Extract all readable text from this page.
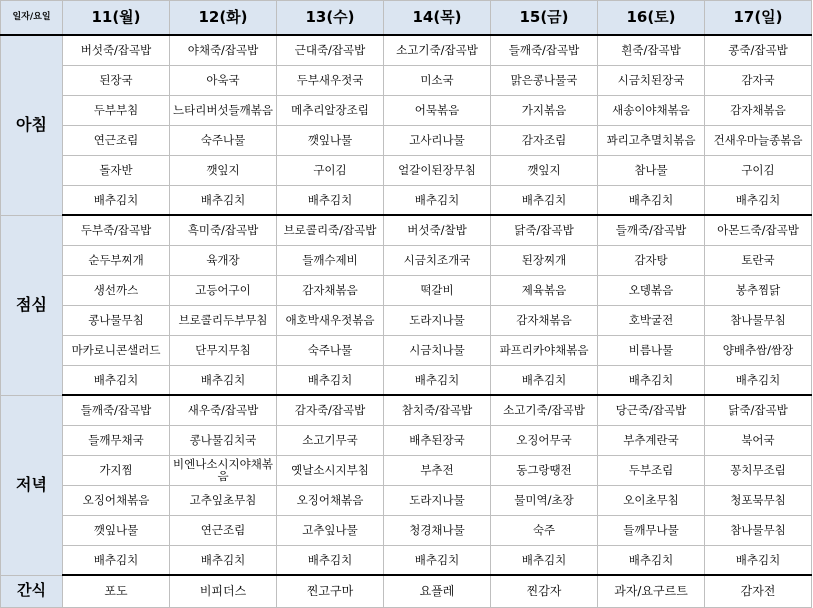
일자/요일	11(월)	12(화)	13(수)	14(목)	15(금)	16(토)	17(일)
아침	버섯죽/잡곡밥	야채죽/잡곡밥	근대죽/잡곡밥	소고기죽/잡곡밥	들깨죽/잡곡밥	흰죽/잡곡밥	콩죽/잡곡밥
	된장국	아욱국	두부새우젓국	미소국	맑은콩나물국	시금치된장국	감자국
	두부부침	느타리버섯들깨볶음	메추리알장조림	어묵볶음	가지볶음	새송이야채볶음	감자채볶음
	연근조림	숙주나물	깻잎나물	고사리나물	감자조림	꽈리고추멸치볶음	건새우마늘종볶음
	돌자반	깻잎지	구이김	얼갈이된장무침	깻잎지	참나물	구이김
	배추김치	배추김치	배추김치	배추김치	배추김치	배추김치	배추김치
점심	두부죽/잡곡밥	흑미죽/잡곡밥	브로콜리죽/잡곡밥	버섯죽/찰밥	닭죽/잡곡밥	들깨죽/잡곡밥	아몬드죽/잡곡밥
	순두부찌개	육개장	들깨수제비	시금치조개국	된장찌개	감자탕	토란국
	생선까스	고등어구이	감자채볶음	떡갈비	제육볶음	오뎅볶음	봉추찜닭
	콩나물무침	브로콜리두부무침	애호박새우젓볶음	도라지나물	감자채볶음	호박굴전	참나물무침
	마카로니콘샐러드	단무지무침	숙주나물	시금치나물	파프리카야채볶음	비름나물	양배추쌈/쌈장
	배추김치	배추김치	배추김치	배추김치	배추김치	배추김치	배추김치
저녁	들깨죽/잡곡밥	새우죽/잡곡밥	감자죽/잡곡밥	참치죽/잡곡밥	소고기죽/잡곡밥	당근죽/잡곡밥	닭죽/잡곡밥
	들깨무채국	콩나물김치국	소고기무국	배추된장국	오징어무국	부추계란국	북어국
	가지찜	비엔나소시지야채볶음	옛날소시지부침	부추전	동그랑땡전	두부조림	꽁치무조림
	오징어채볶음	고추잎초무침	오징어채볶음	도라지나물	물미역/초장	오이초무침	청포묵무침
	깻잎나물	연근조림	고추잎나물	청경채나물	숙주	들깨무나물	참나물무침
	배추김치	배추김치	배추김치	배추김치	배추김치	배추김치	배추김치
간식	포도	비피더스	찐고구마	요플레	찐감자	과자/요구르트	감자전
